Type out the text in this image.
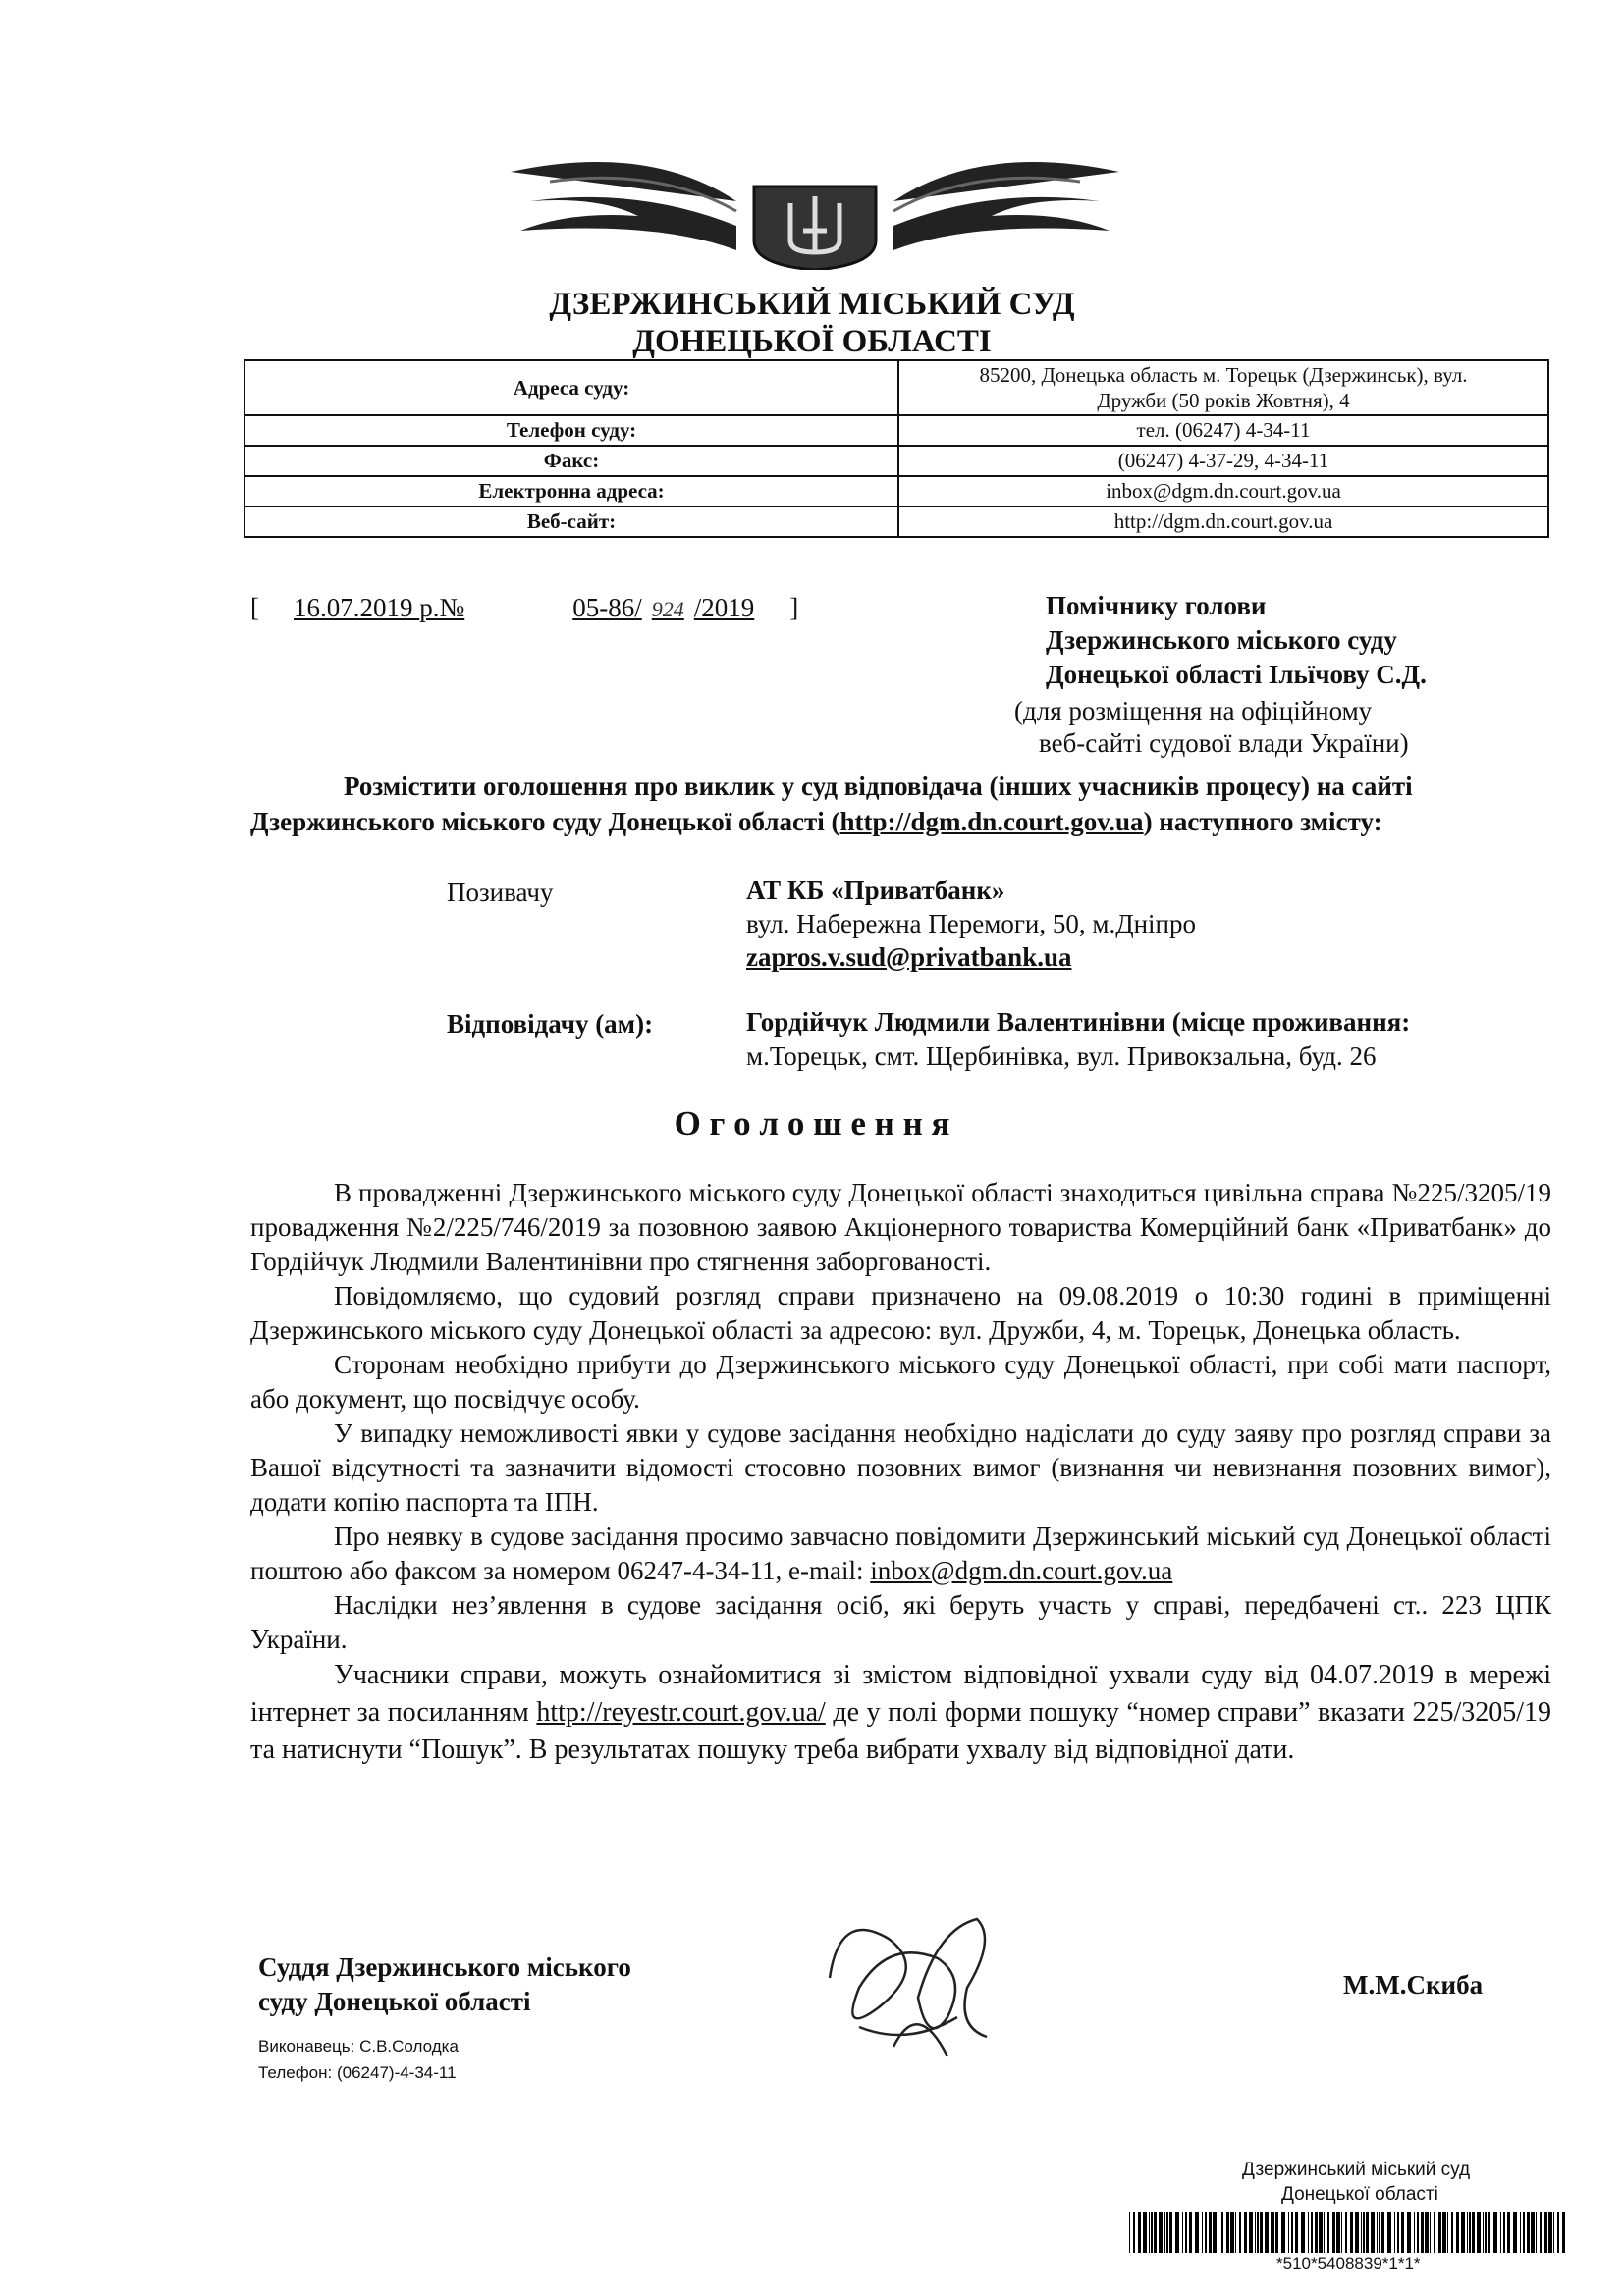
ДЗЕРЖИНСЬКИЙ МІСЬКИЙ СУД
ДОНЕЦЬКОЇ ОБЛАСТІ
Адреса суду:	85200, Донецька область м. Торецьк (Дзержинськ), вул.
Дружби (50 років Жовтня), 4

Телефон суду:	тел. (06247) 4-34-11
Факс:	(06247) 4-37-29, 4-34-11
Електронна адреса:	inbox@dgm.dn.court.gov.ua
Веб-сайт:	http://dgm.dn.court.gov.ua
[ 16.07.2019 р.№	05-86/ 924 /2019 ]	Помічнику голови
Дзержинського міського суду
Донецької області Ільїчову С.Д.
(для розміщення на офіційному
веб-сайті судової влади України)
Розмістити оголошення про виклик у суд відповідача (інших учасників процесу) на сайті
Дзержинського міського суду Донецької області (http://dgm.dn.court.gov.ua) наступного змісту:
Позивачу	АТ КБ «Приватбанк»
вул. Набережна Перемоги, 50, м.Дніпро
zapros.v.sud@privatbank.ua
Відповідачу (ам):	Гордійчук Людмили Валентинівни (місце проживання:
м.Торецьк, смт. Щербинівка, вул. Привокзальна, буд. 26
О г о л о ш е н н я

В провадженні Дзержинського міського суду Донецької області знаходиться цивільна справа №225/3205/19 провадження №2/225/746/2019 за позовною заявою Акціонерного товариства Комерційний банк «Приватбанк» до Гордійчук Людмили Валентинівни про стягнення заборгованості.

Повідомляємо, що судовий розгляд справи призначено на 09.08.2019 о 10:30 годині в приміщенні Дзержинського міського суду Донецької області за адресою: вул. Дружби, 4, м. Торецьк, Донецька область.

Сторонам необхідно прибути до Дзержинського міського суду Донецької області, при собі мати паспорт, або документ, що посвідчує особу.

У випадку неможливості явки у судове засідання необхідно надіслати до суду заяву про розгляд справи за Вашої відсутності та зазначити відомості стосовно позовних вимог (визнання чи невизнання позовних вимог), додати копію паспорта та ІПН.

Про неявку в судове засідання просимо завчасно повідомити Дзержинський міський суд Донецької області поштою або факсом за номером 06247-4-34-11, e-mail: inbox@dgm.dn.court.gov.ua

Наслідки нез’явлення в судове засідання осіб, які беруть участь у справі, передбачені ст.. 223 ЦПК України.

Учасники справи, можуть ознайомитися зі змістом відповідної ухвали суду від 04.07.2019 в мережі інтернет за посиланням http://reyestr.court.gov.ua/ де у полі форми пошуку “номер справи” вказати 225/3205/19 та натиснути “Пошук”. В результатах пошуку треба вибрати ухвалу від відповідної дати.

Суддя Дзержинського міського
суду Донецької області
М.М.Скиба
Виконавець: С.В.Солодка
Телефон: (06247)-4-34-11
Дзержинський міський суд
Донецької області
*510*5408839*1*1*
